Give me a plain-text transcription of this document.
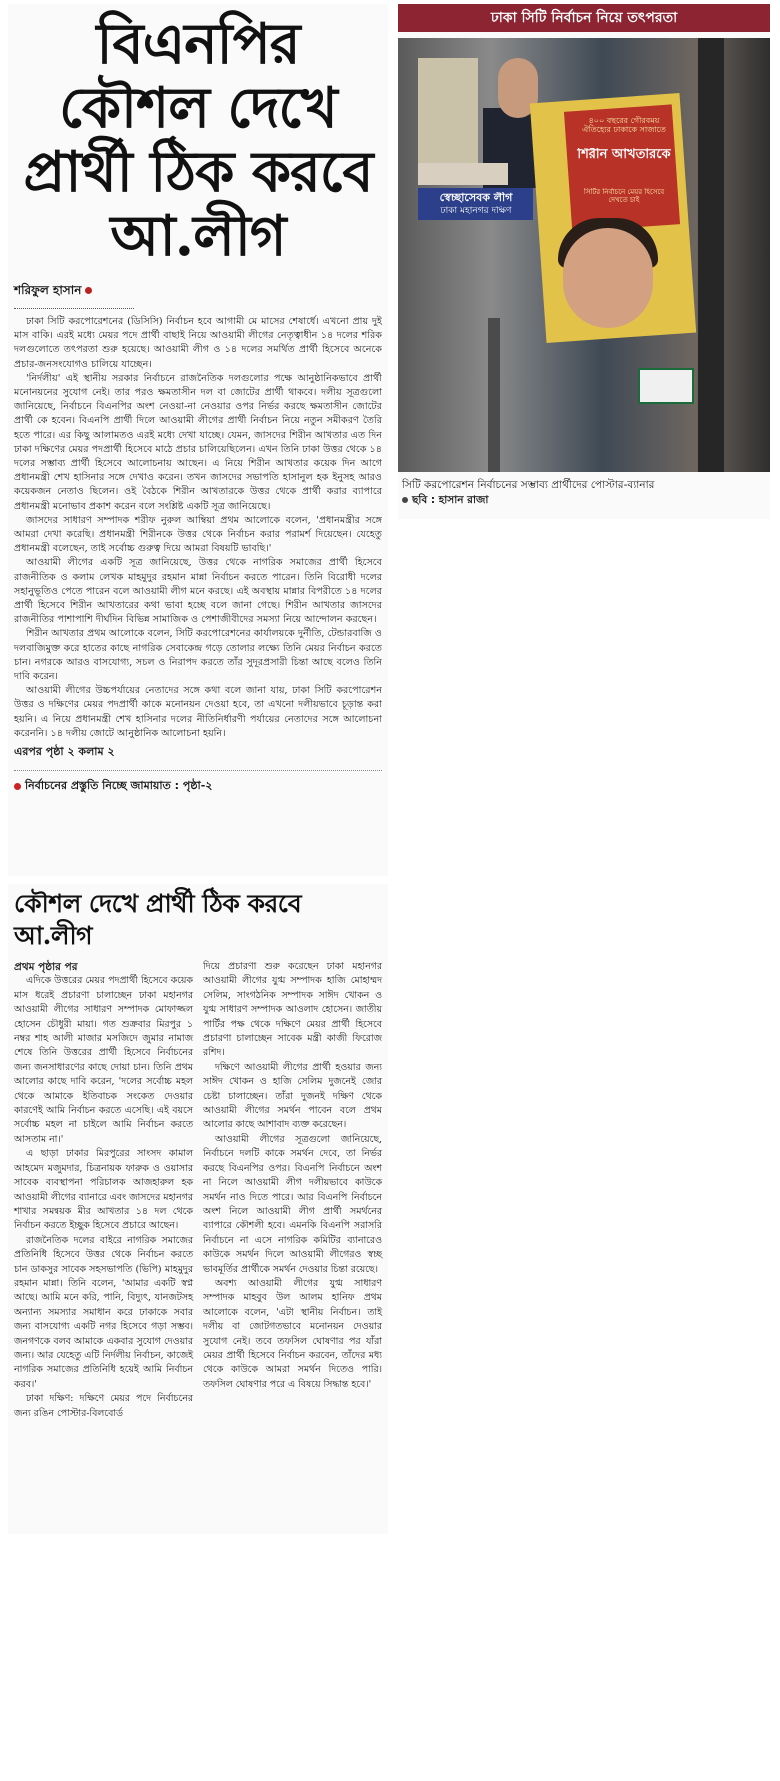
বিএনপির কৌশল দেখে প্রার্থী ঠিক করবে আ.লীগ
শরিফুল হাসান

ঢাকা সিটি করপোরেশনের (ডিসিসি) নির্বাচন হবে আগামী মে মাসের শেষার্ধে। এখনো প্রায় দুই মাস বাকি। এরই মধ্যে মেয়র পদে প্রার্থী বাছাই নিয়ে আওয়ামী লীগের নেতৃত্বাধীন ১৪ দলের শরিক দলগুলোতে তৎপরতা শুরু হয়েছে। আওয়ামী লীগ ও ১৪ দলের সমর্থিত প্রার্থী হিসেবে অনেকে প্রচার-জনসংযোগও চালিয়ে যাচ্ছেন।

'নির্দলীয়' এই স্থানীয় সরকার নির্বাচনে রাজনৈতিক দলগুলোর পক্ষে আনুষ্ঠানিকভাবে প্রার্থী মনোনয়নের সুযোগ নেই। তার পরও ক্ষমতাসীন দল বা জোটের প্রার্থী থাকবে। দলীয় সূত্রগুলো জানিয়েছে, নির্বাচনে বিএনপির অংশ নেওয়া-না নেওয়ার ওপর নির্ভর করছে ক্ষমতাসীন জোটের প্রার্থী কে হবেন। বিএনপি প্রার্থী দিলে আওয়ামী লীগের প্রার্থী নির্বাচন নিয়ে নতুন সমীকরণ তৈরি হতে পারে। এর কিছু আলামতও এরই মধ্যে দেখা যাচ্ছে। যেমন, জাসদের শিরীন আখতার এত দিন ঢাকা দক্ষিণের মেয়র পদপ্রার্থী হিসেবে মাঠে প্রচার চালিয়েছিলেন। এখন তিনি ঢাকা উত্তর থেকে ১৪ দলের সম্ভাব্য প্রার্থী হিসেবে আলোচনায় আছেন। এ নিয়ে শিরীন আখতার কয়েক দিন আগে প্রধানমন্ত্রী শেখ হাসিনার সঙ্গে দেখাও করেন। তখন জাসদের সভাপতি হাসানুল হক ইনুসহ আরও কয়েকজন নেতাও ছিলেন। ওই বৈঠকে শিরীন আখতারকে উত্তর থেকে প্রার্থী করার ব্যাপারে প্রধানমন্ত্রী মনোভাব প্রকাশ করেন বলে সংশ্লিষ্ট একটি সূত্র জানিয়েছে।

জাসদের সাধারণ সম্পাদক শরীফ নুরুল আম্বিয়া প্রথম আলোকে বলেন, 'প্রধানমন্ত্রীর সঙ্গে আমরা দেখা করেছি। প্রধানমন্ত্রী শিরীনকে উত্তর থেকে নির্বাচন করার পরামর্শ দিয়েছেন। যেহেতু প্রধানমন্ত্রী বলেছেন, তাই সর্বোচ্চ গুরুত্ব দিয়ে আমরা বিষয়টি ভাবছি।'

আওয়ামী লীগের একটি সূত্র জানিয়েছে, উত্তর থেকে নাগরিক সমাজের প্রার্থী হিসেবে রাজনীতিক ও কলাম লেখক মাহমুদুর রহমান মান্না নির্বাচন করতে পারেন। তিনি বিরোধী দলের সহানুভূতিও পেতে পারেন বলে আওয়ামী লীগ মনে করছে। এই অবস্থায় মান্নার বিপরীতে ১৪ দলের প্রার্থী হিসেবে শিরীন আখতারের কথা ভাবা হচ্ছে বলে জানা গেছে। শিরীন আখতার জাসদের রাজনীতির পাশাপাশি দীর্ঘদিন বিভিন্ন সামাজিক ও পেশাজীবীদের সমস্যা নিয়ে আন্দোলন করছেন।

শিরীন আখতার প্রথম আলোকে বলেন, সিটি করপোরেশনের কার্যালয়কে দুর্নীতি, টেন্ডারবাজি ও দলবাজিমুক্ত করে হাতের কাছে নাগরিক সেবাকেন্দ্র গড়ে তোলার লক্ষ্যে তিনি মেয়র নির্বাচন করতে চান। নগরকে আরও বাসযোগ্য, সচল ও নিরাপদ করতে তাঁর সুদূরপ্রসারী চিন্তা আছে বলেও তিনি দাবি করেন।

আওয়ামী লীগের উচ্চপর্যায়ের নেতাদের সঙ্গে কথা বলে জানা যায়, ঢাকা সিটি করপোরেশন উত্তর ও দক্ষিণের মেয়র পদপ্রার্থী কাকে মনোনয়ন দেওয়া হবে, তা এখনো দলীয়ভাবে চূড়ান্ত করা হয়নি। এ নিয়ে প্রধানমন্ত্রী শেখ হাসিনার দলের নীতিনির্ধারণী পর্যায়ের নেতাদের সঙ্গে আলোচনা করেননি। ১৪ দলীয় জোটে আনুষ্ঠানিক আলোচনা হয়নি।

এরপর পৃষ্ঠা ২ কলাম ২
নির্বাচনের প্রস্তুতি নিচ্ছে জামায়াত : পৃষ্ঠা-২
ঢাকা সিটি নির্বাচন নিয়ে তৎপরতা
৪০০ বছরের গৌরবময় ঐতিহ্যের ঢাকাকে সাজাতে
শিরীন আখতারকে
সিটির নির্বাচনে মেয়র হিসেবে দেখতে চাই
স্বেচ্ছাসেবক লীগ
ঢাকা মহানগর দক্ষিণ
সিটি করপোরেশন নির্বাচনের সম্ভাব্য প্রার্থীদের পোস্টার-ব্যানার
ছবি : হাসান রাজা
কৌশল দেখে প্রার্থী ঠিক করবে আ.লীগ
প্রথম পৃষ্ঠার পর

এদিকে উত্তরের মেয়র পদপ্রার্থী হিসেবে কয়েক মাস ধরেই প্রচারণা চালাচ্ছেন ঢাকা মহানগর আওয়ামী লীগের সাধারণ সম্পাদক মোফাজ্জল হোসেন চৌধুরী মায়া। গত শুক্রবার মিরপুর ১ নম্বর শাহ আলী মাজার মসজিদে জুমার নামাজ শেষে তিনি উত্তরের প্রার্থী হিসেবে নির্বাচনের জন্য জনসাধারণের কাছে দোয়া চান। তিনি প্রথম আলোর কাছে দাবি করেন, 'দলের সর্বোচ্চ মহল থেকে আমাকে ইতিবাচক সংকেত দেওয়ার কারণেই আমি নির্বাচন করতে এসেছি। এই বয়সে সর্বোচ্চ মহল না চাইলে আমি নির্বাচন করতে আসতাম না।'

এ ছাড়া ঢাকার মিরপুরের সাংসদ কামাল আহমেদ মজুমদার, চিত্রনায়ক ফারুক ও ওয়াসার সাবেক ব্যবস্থাপনা পরিচালক আজহারুল হক আওয়ামী লীগের ব্যানারে এবং জাসদের মহানগর শাখার সমন্বয়ক মীর আখতার ১৪ দল থেকে নির্বাচন করতে ইচ্ছুক হিসেবে প্রচারে আছেন।

রাজনৈতিক দলের বাইরে নাগরিক সমাজের প্রতিনিধি হিসেবে উত্তর থেকে নির্বাচন করতে চান ডাকসুর সাবেক সহসভাপতি (ভিপি) মাহমুদুর রহমান মান্না। তিনি বলেন, 'আমার একটি স্বপ্ন আছে। আমি মনে করি, পানি, বিদ্যুৎ, যানজটসহ অন্যান্য সমস্যার সমাধান করে ঢাকাকে সবার জন্য বাসযোগ্য একটি নগর হিসেবে গড়া সম্ভব। জনগণকে বলব আমাকে একবার সুযোগ দেওয়ার জন্য। আর যেহেতু এটি নির্দলীয় নির্বাচন, কাজেই নাগরিক সমাজের প্রতিনিধি হয়েই আমি নির্বাচন করব।'

ঢাকা দক্ষিণ: দক্ষিণে মেয়র পদে নির্বাচনের জন্য রঙিন পোস্টার-বিলবোর্ড

দিয়ে প্রচারণা শুরু করেছেন ঢাকা মহানগর আওয়ামী লীগের যুগ্ম সম্পাদক হাজি মোহাম্মদ সেলিম, সাংগঠনিক সম্পাদক সাঈদ খোকন ও যুগ্ম সাধারণ সম্পাদক আওলাদ হোসেন। জাতীয় পার্টির পক্ষ থেকে দক্ষিণে মেয়র প্রার্থী হিসেবে প্রচারণা চালাচ্ছেন সাবেক মন্ত্রী কাজী ফিরোজ রশিদ।

দক্ষিণে আওয়ামী লীগের প্রার্থী হওয়ার জন্য সাঈদ খোকন ও হাজি সেলিম দুজনেই জোর চেষ্টা চালাচ্ছেন। তাঁরা দুজনই দক্ষিণ থেকে আওয়ামী লীগের সমর্থন পাবেন বলে প্রথম আলোর কাছে আশাবাদ ব্যক্ত করেছেন।

আওয়ামী লীগের সূত্রগুলো জানিয়েছে, নির্বাচনে দলটি কাকে সমর্থন দেবে, তা নির্ভর করছে বিএনপির ওপর। বিএনপি নির্বাচনে অংশ না নিলে আওয়ামী লীগ দলীয়ভাবে কাউকে সমর্থন নাও দিতে পারে। আর বিএনপি নির্বাচনে অংশ নিলে আওয়ামী লীগ প্রার্থী সমর্থনের ব্যাপারে কৌশলী হবে। এমনকি বিএনপি সরাসরি নির্বাচনে না এসে নাগরিক কমিটির ব্যানারেও কাউকে সমর্থন দিলে আওয়ামী লীগেরও স্বচ্ছ ভাবমূর্তির প্রার্থীকে সমর্থন দেওয়ার চিন্তা রয়েছে।

অবশ্য আওয়ামী লীগের যুগ্ম সাধারণ সম্পাদক মাহবুব উল আলম হানিফ প্রথম আলোকে বলেন, 'এটা স্থানীয় নির্বাচন। তাই দলীয় বা জোটগতভাবে মনোনয়ন দেওয়ার সুযোগ নেই। তবে তফসিল ঘোষণার পর যাঁরা মেয়র প্রার্থী হিসেবে নির্বাচন করবেন, তাঁদের মধ্য থেকে কাউকে আমরা সমর্থন দিতেও পারি। তফসিল ঘোষণার পরে এ বিষয়ে সিদ্ধান্ত হবে।'
